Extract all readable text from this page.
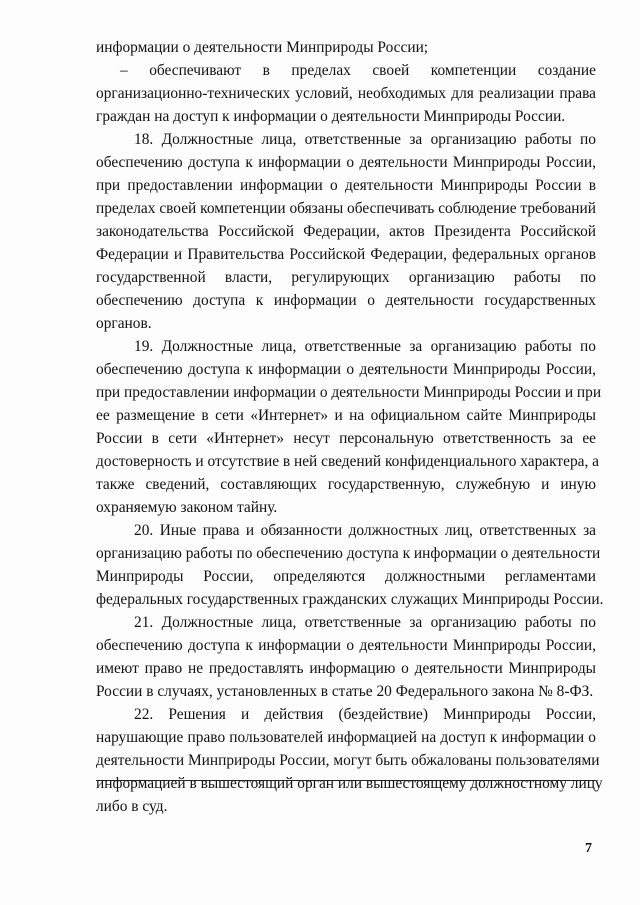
информации о деятельности Минприроды России;
– обеспечивают в пределах своей компетенции создание
организационно-технических условий, необходимых для реализации права
граждан на доступ к информации о деятельности Минприроды России.
18. Должностные лица, ответственные за организацию работы по
обеспечению доступа к информации о деятельности Минприроды России,
при предоставлении информации о деятельности Минприроды России в
пределах своей компетенции обязаны обеспечивать соблюдение требований
законодательства Российской Федерации, актов Президента Российской
Федерации и Правительства Российской Федерации, федеральных органов
государственной власти, регулирующих организацию работы по
обеспечению доступа к информации о деятельности государственных
органов.
19. Должностные лица, ответственные за организацию работы по
обеспечению доступа к информации о деятельности Минприроды России,
при предоставлении информации о деятельности Минприроды России и при
ее размещение в сети «Интернет» и на официальном сайте Минприроды
России в сети «Интернет» несут персональную ответственность за ее
достоверность и отсутствие в ней сведений конфиденциального характера, а
также сведений, составляющих государственную, служебную и иную
охраняемую законом тайну.
20. Иные права и обязанности должностных лиц, ответственных за
организацию работы по обеспечению доступа к информации о деятельности
Минприроды России, определяются должностными регламентами
федеральных государственных гражданских служащих Минприроды России.
21. Должностные лица, ответственные за организацию работы по
обеспечению доступа к информации о деятельности Минприроды России,
имеют право не предоставлять информацию о деятельности Минприроды
России в случаях, установленных в статье 20 Федерального закона № 8-ФЗ.
22. Решения и действия (бездействие) Минприроды России,
нарушающие право пользователей информацией на доступ к информации о
деятельности Минприроды России, могут быть обжалованы пользователями
информацией в вышестоящий орган или вышестоящему должностному лицу
либо в суд.
7
